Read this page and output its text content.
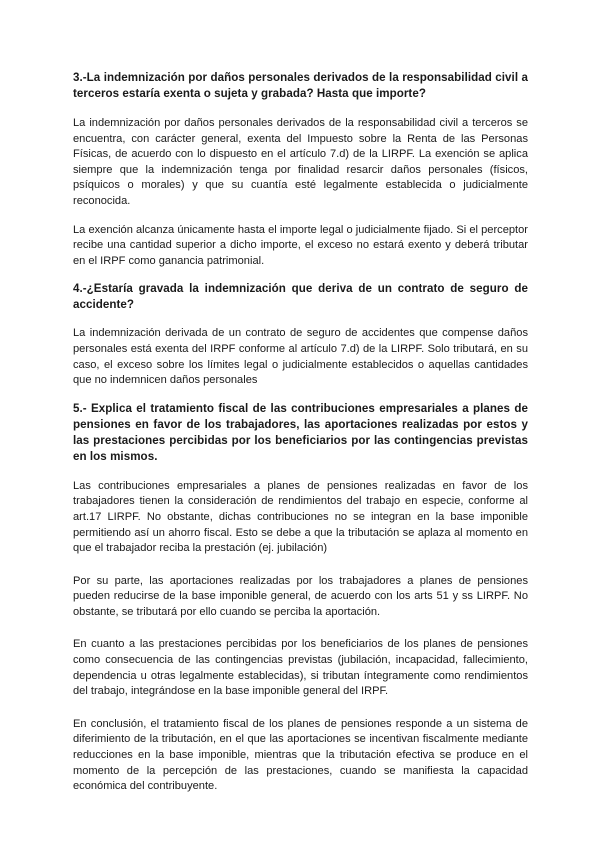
3.-La indemnización por daños personales derivados de la responsabilidad civil a terceros estaría exenta o sujeta y grabada? Hasta que importe?

La indemnización por daños personales derivados de la responsabilidad civil a terceros se encuentra, con carácter general, exenta del Impuesto sobre la Renta de las Personas Físicas, de acuerdo con lo dispuesto en el artículo 7.d) de la LIRPF. La exención se aplica siempre que la indemnización tenga por finalidad resarcir daños personales (físicos, psíquicos o morales) y que su cuantía esté legalmente establecida o judicialmente reconocida.

La exención alcanza únicamente hasta el importe legal o judicialmente fijado. Si el perceptor recibe una cantidad superior a dicho importe, el exceso no estará exento y deberá tributar en el IRPF como ganancia patrimonial.

4.-¿Estaría gravada la indemnización que deriva de un contrato de seguro de accidente?

La indemnización derivada de un contrato de seguro de accidentes que compense daños personales está exenta del IRPF conforme al artículo 7.d) de la LIRPF. Solo tributará, en su caso, el exceso sobre los límites legal o judicialmente establecidos o aquellas cantidades que no indemnicen daños personales

5.- Explica el tratamiento fiscal de las contribuciones empresariales a planes de pensiones en favor de los trabajadores, las aportaciones realizadas por estos y las prestaciones percibidas por los beneficiarios por las contingencias previstas en los mismos.

Las contribuciones empresariales a planes de pensiones realizadas en favor de los trabajadores tienen la consideración de rendimientos del trabajo en especie, conforme al art.17 LIRPF. No obstante, dichas contribuciones no se integran en la base imponible permitiendo así un ahorro fiscal. Esto se debe a que la tributación se aplaza al momento en que el trabajador reciba la prestación (ej. jubilación)

Por su parte, las aportaciones realizadas por los trabajadores a planes de pensiones pueden reducirse de la base imponible general, de acuerdo con los arts 51 y ss LIRPF. No obstante, se tributará por ello cuando se perciba la aportación.

En cuanto a las prestaciones percibidas por los beneficiarios de los planes de pensiones como consecuencia de las contingencias previstas (jubilación, incapacidad, fallecimiento, dependencia u otras legalmente establecidas), si tributan íntegramente como rendimientos del trabajo, integrándose en la base imponible general del IRPF.

En conclusión, el tratamiento fiscal de los planes de pensiones responde a un sistema de diferimiento de la tributación, en el que las aportaciones se incentivan fiscalmente mediante reducciones en la base imponible, mientras que la tributación efectiva se produce en el momento de la percepción de las prestaciones, cuando se manifiesta la capacidad económica del contribuyente.
